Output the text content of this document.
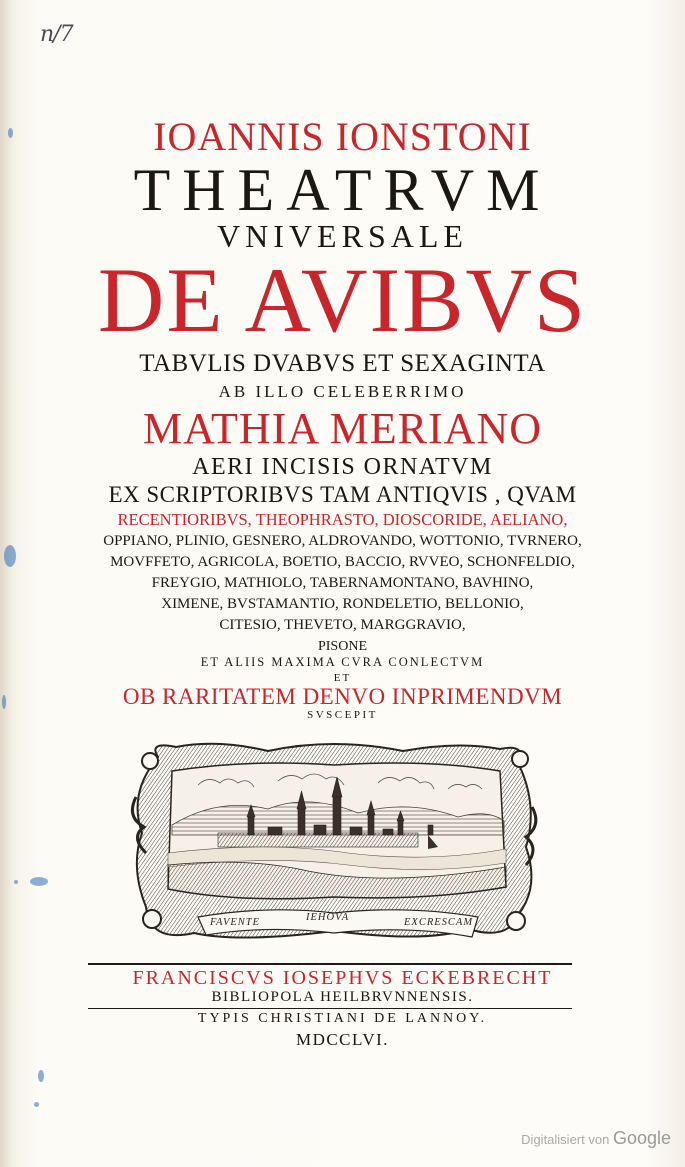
n/7
IOANNIS IONSTONI
THEATRVM
VNIVERSALE
DE AVIBVS
TABVLIS DVABVS ET SEXAGINTA
AB ILLO CELEBERRIMO
MATHIA MERIANO
AERI INCISIS ORNATVM
EX SCRIPTORIBVS TAM ANTIQVIS , QVAM
RECENTIORIBVS, THEOPHRASTO, DIOSCORIDE, AELIANO,
OPPIANO, PLINIO, GESNERO, ALDROVANDO, WOTTONIO, TVRNERO,
MOVFFETO, AGRICOLA, BOETIO, BACCIO, RVVEO, SCHONFELDIO,
FREYGIO, MATHIOLO, TABERNAMONTANO, BAVHINO,
XIMENE, BVSTAMANTIO, RONDELETIO, BELLONIO,
CITESIO, THEVETO, MARGGRAVIO,
PISONE
ET ALIIS MAXIMA CVRA CONLECTVM
ET
OB RARITATEM DENVO INPRIMENDVM
SVSCEPIT
FAVENTE	IEHOVA	EXCRESCAM
FRANCISCVS IOSEPHVS ECKEBRECHT
BIBLIOPOLA HEILBRVNNENSIS.
TYPIS CHRISTIANI DE LANNOY.
MDCCLVI.
Digitalisiert von Google
